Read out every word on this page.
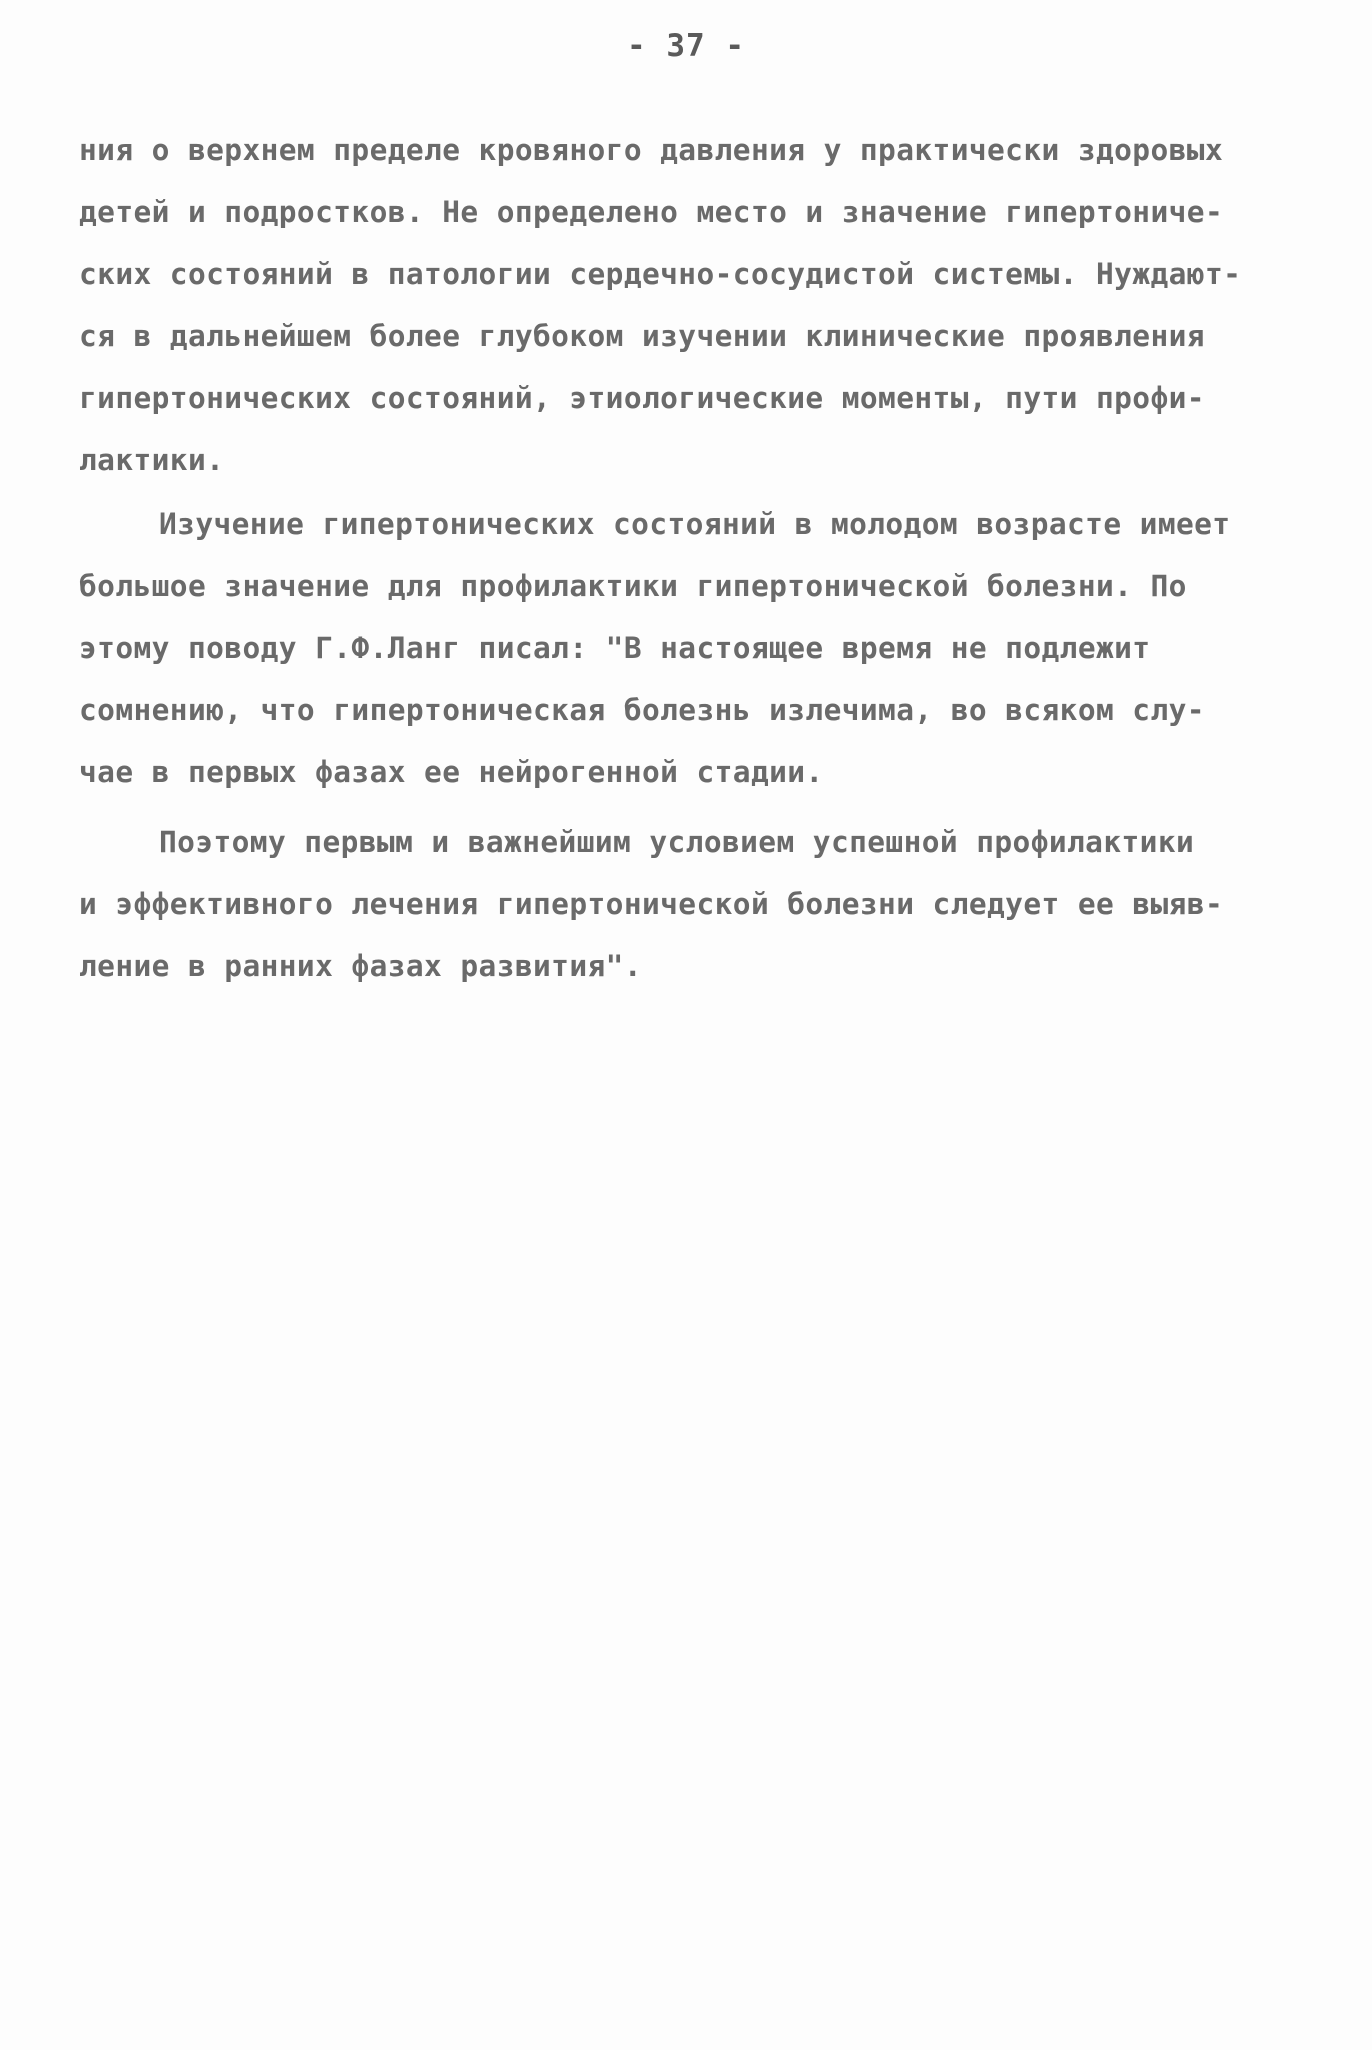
- 37 -
ния о верхнем пределе кровяного давления у практически здоровых
детей и подростков. Не определено место и значение гипертониче-
ских состояний в патологии сердечно-сосудистой системы. Нуждают-
ся в дальнейшем более глубоком изучении клинические проявления
гипертонических состояний, этиологические моменты, пути профи-
лактики.
Изучение гипертонических состояний в молодом возрасте имеет
большое значение для профилактики гипертонической болезни. По
этому поводу Г.Ф.Ланг писал: "В настоящее время не подлежит
сомнению, что гипертоническая болезнь излечима, во всяком слу-
чае в первых фазах ее нейрогенной стадии.
Поэтому первым и важнейшим условием успешной профилактики
и эффективного лечения гипертонической болезни следует ее выяв-
ление в ранних фазах развития".
